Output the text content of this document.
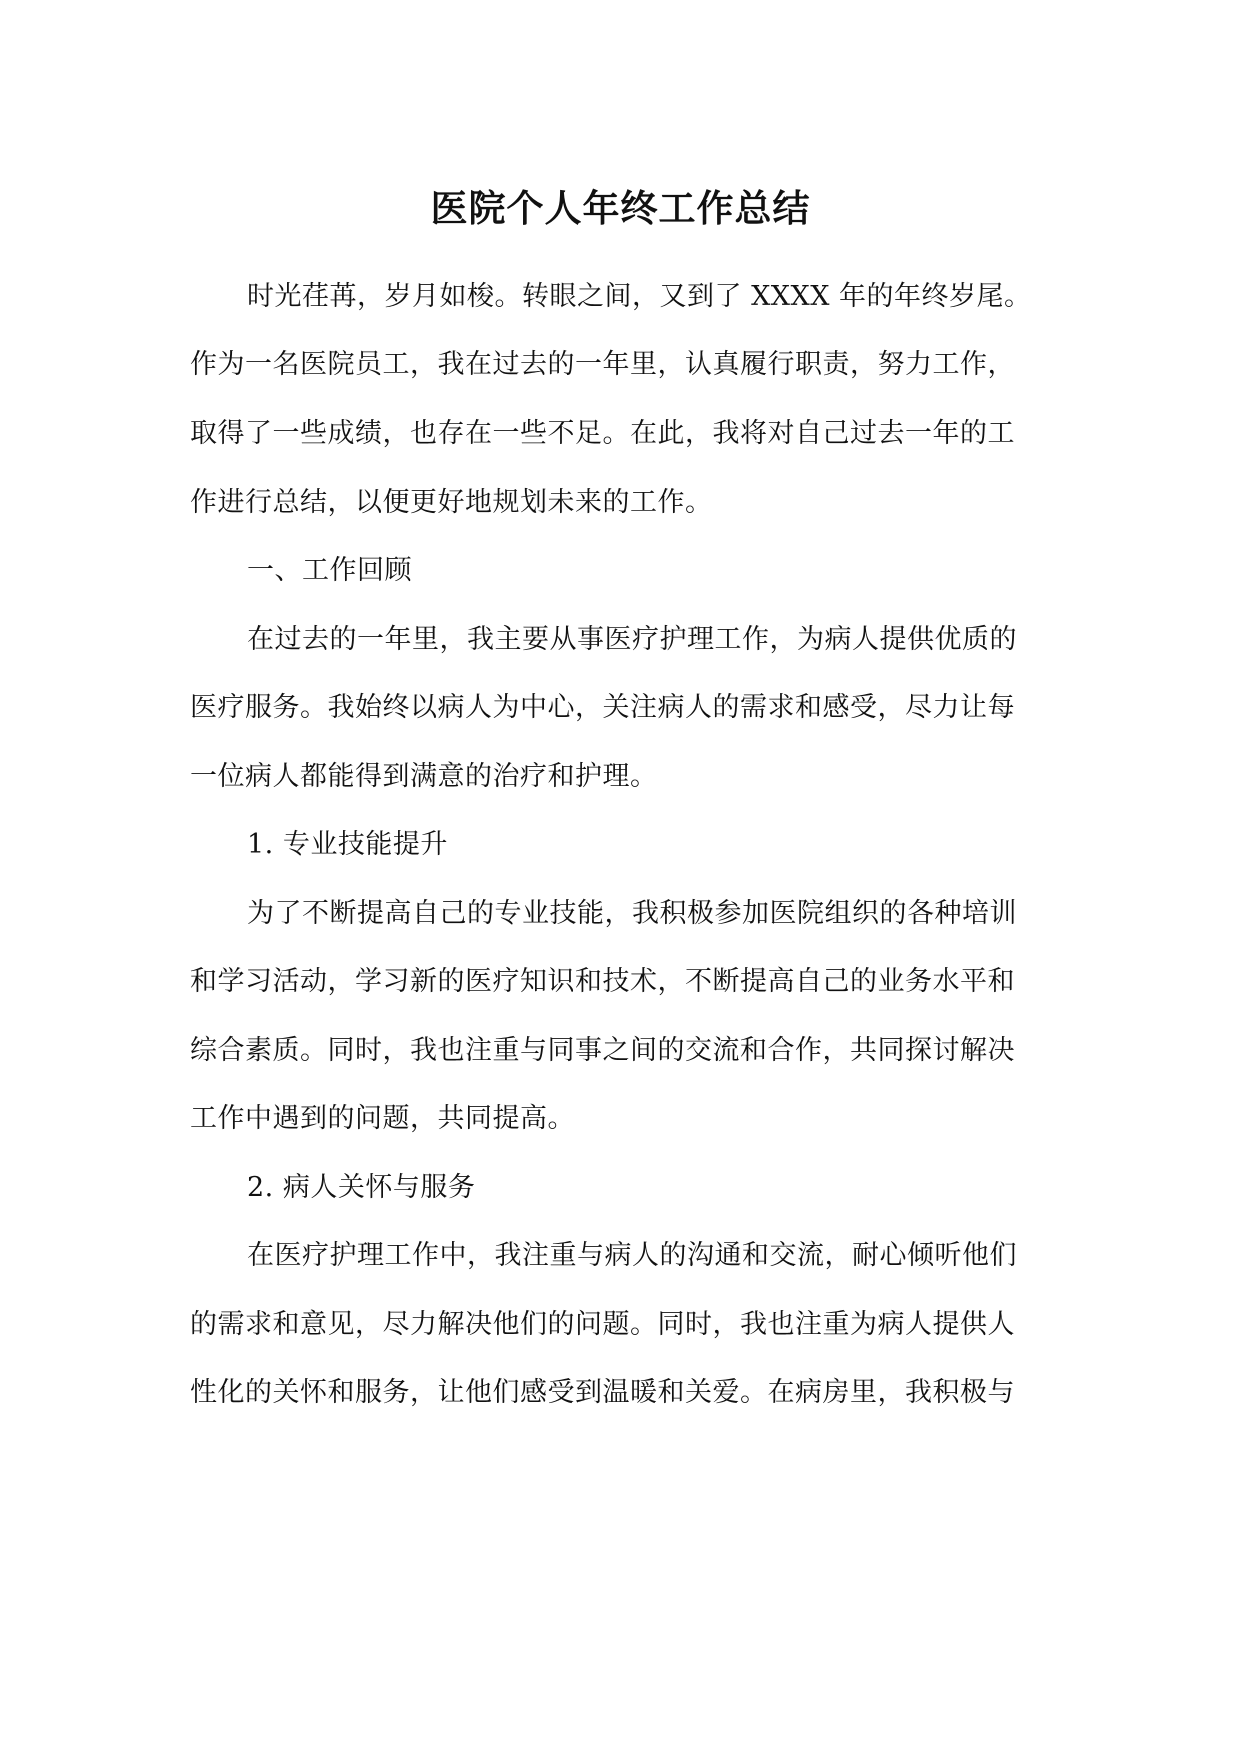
医院个人年终工作总结
时光荏苒，岁月如梭。转眼之间，又到了 XXXX 年的年终岁尾。
作为一名医院员工，我在过去的一年里，认真履行职责，努力工作，
取得了一些成绩，也存在一些不足。在此，我将对自己过去一年的工
作进行总结，以便更好地规划未来的工作。
一、工作回顾
在过去的一年里，我主要从事医疗护理工作，为病人提供优质的
医疗服务。我始终以病人为中心，关注病人的需求和感受，尽力让每
一位病人都能得到满意的治疗和护理。
1. 专业技能提升
为了不断提高自己的专业技能，我积极参加医院组织的各种培训
和学习活动，学习新的医疗知识和技术，不断提高自己的业务水平和
综合素质。同时，我也注重与同事之间的交流和合作，共同探讨解决
工作中遇到的问题，共同提高。
2. 病人关怀与服务
在医疗护理工作中，我注重与病人的沟通和交流，耐心倾听他们
的需求和意见，尽力解决他们的问题。同时，我也注重为病人提供人
性化的关怀和服务，让他们感受到温暖和关爱。在病房里，我积极与
